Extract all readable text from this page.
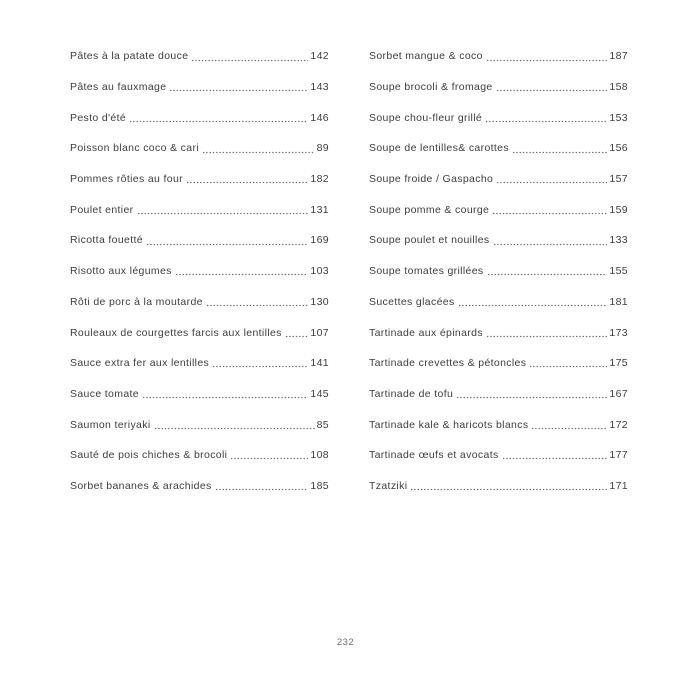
Pâtes à la patate douce	142
Pâtes au fauxmage	143
Pesto d'été	146
Poisson blanc coco & cari	89
Pommes rôties au four	182
Poulet entier	131
Ricotta fouetté	169
Risotto aux légumes	103
Rôti de porc à la moutarde	130
Rouleaux de courgettes farcis aux lentilles	107
Sauce extra fer aux lentilles	141
Sauce tomate	145
Saumon teriyaki	85
Sauté de pois chiches & brocoli	108
Sorbet bananes & arachides	185
Sorbet mangue & coco	187
Soupe brocoli & fromage	158
Soupe chou-fleur grillé	153
Soupe de lentilles& carottes	156
Soupe froide / Gaspacho	157
Soupe pomme & courge	159
Soupe poulet et nouilles	133
Soupe tomates grillées	155
Sucettes glacées	181
Tartinade aux épinards	173
Tartinade crevettes & pétoncles	175
Tartinade de tofu	167
Tartinade kale & haricots blancs	172
Tartinade œufs et avocats	177
Tzatziki	171
232
